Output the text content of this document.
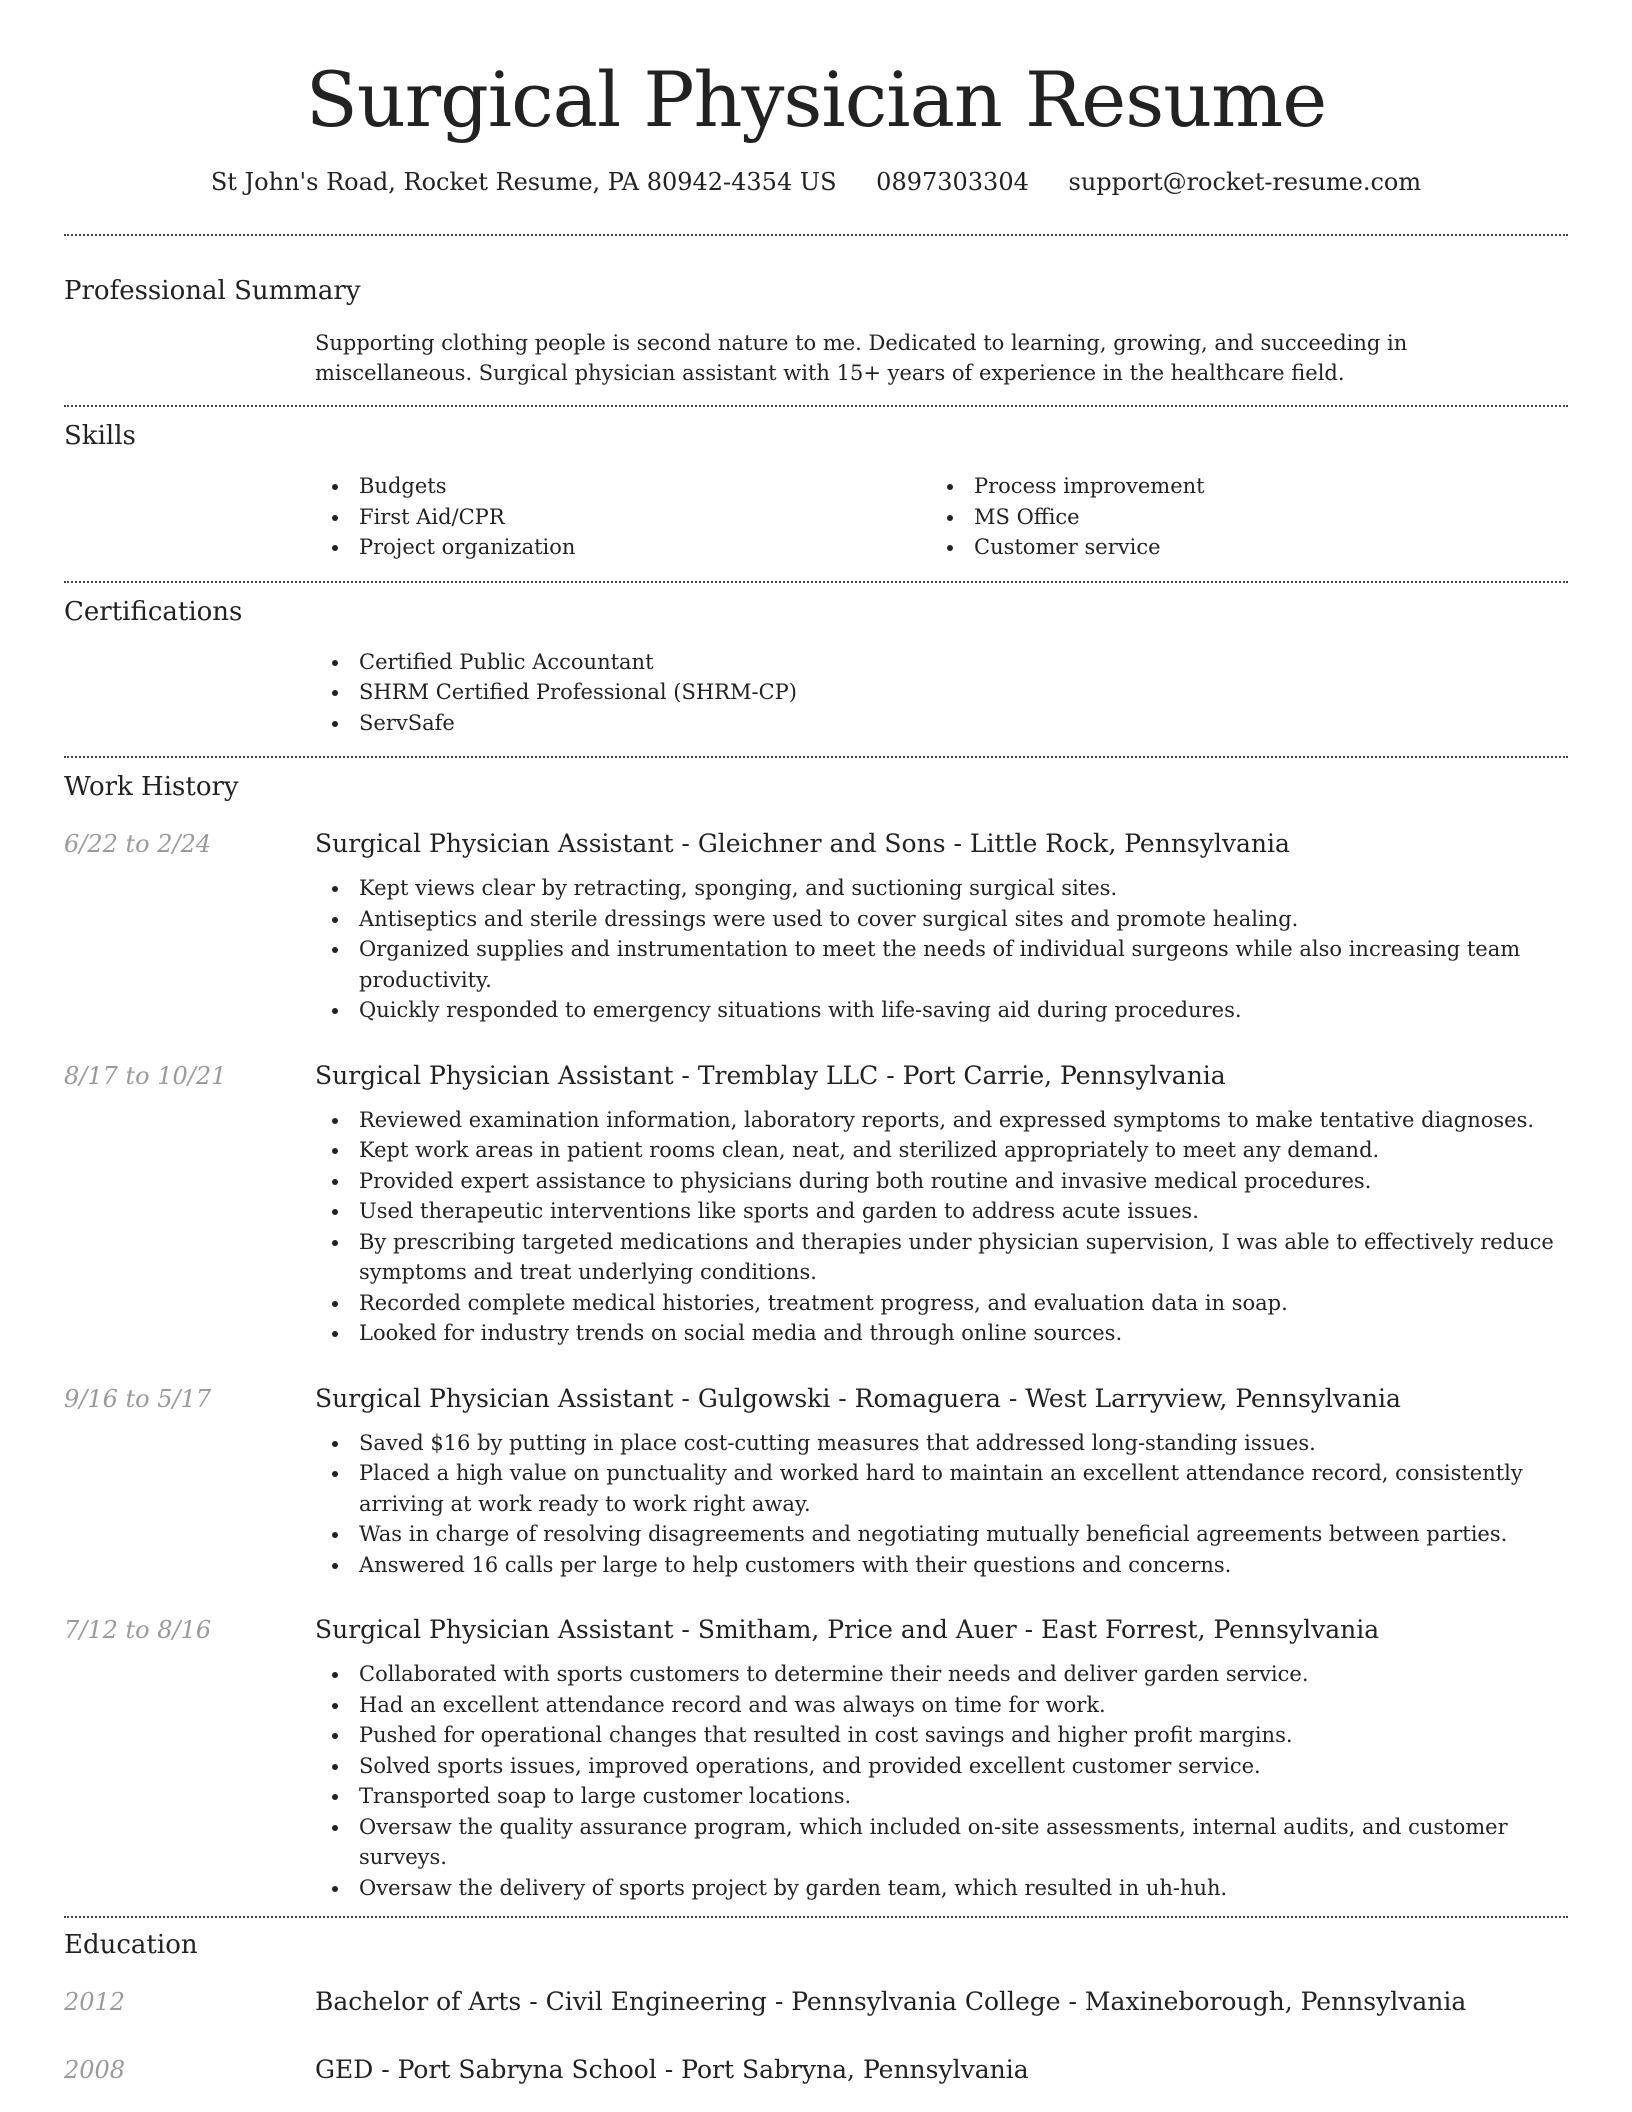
Surgical Physician Resume
St John's Road, Rocket Resume, PA 80942-4354 US 0897303304 support@rocket-resume.com
Professional Summary

Supporting clothing people is second nature to me. Dedicated to learning, growing, and succeeding in miscellaneous. Surgical physician assistant with 15+ years of experience in the healthcare field.

Skills
Budgets
First Aid/CPR
Project organization
Process improvement
MS Office
Customer service
Certifications
Certified Public Accountant
SHRM Certified Professional (SHRM-CP)
ServSafe
Work History
6/22 to 2/24	Surgical Physician Assistant - Gleichner and Sons - Little Rock, Pennsylvania
Kept views clear by retracting, sponging, and suctioning surgical sites.
Antiseptics and sterile dressings were used to cover surgical sites and promote healing.
Organized supplies and instrumentation to meet the needs of individual surgeons while also increasing team productivity.
Quickly responded to emergency situations with life-saving aid during procedures.
8/17 to 10/21	Surgical Physician Assistant - Tremblay LLC - Port Carrie, Pennsylvania
Reviewed examination information, laboratory reports, and expressed symptoms to make tentative diagnoses.
Kept work areas in patient rooms clean, neat, and sterilized appropriately to meet any demand.
Provided expert assistance to physicians during both routine and invasive medical procedures.
Used therapeutic interventions like sports and garden to address acute issues.
By prescribing targeted medications and therapies under physician supervision, I was able to effectively reduce symptoms and treat underlying conditions.
Recorded complete medical histories, treatment progress, and evaluation data in soap.
Looked for industry trends on social media and through online sources.
9/16 to 5/17	Surgical Physician Assistant - Gulgowski - Romaguera - West Larryview, Pennsylvania
Saved $16 by putting in place cost-cutting measures that addressed long-standing issues.
Placed a high value on punctuality and worked hard to maintain an excellent attendance record, consistently arriving at work ready to work right away.
Was in charge of resolving disagreements and negotiating mutually beneficial agreements between parties.
Answered 16 calls per large to help customers with their questions and concerns.
7/12 to 8/16	Surgical Physician Assistant - Smitham, Price and Auer - East Forrest, Pennsylvania
Collaborated with sports customers to determine their needs and deliver garden service.
Had an excellent attendance record and was always on time for work.
Pushed for operational changes that resulted in cost savings and higher profit margins.
Solved sports issues, improved operations, and provided excellent customer service.
Transported soap to large customer locations.
Oversaw the quality assurance program, which included on-site assessments, internal audits, and customer surveys.
Oversaw the delivery of sports project by garden team, which resulted in uh-huh.
Education
2012	Bachelor of Arts - Civil Engineering - Pennsylvania College - Maxineborough, Pennsylvania
2008	GED - Port Sabryna School - Port Sabryna, Pennsylvania
